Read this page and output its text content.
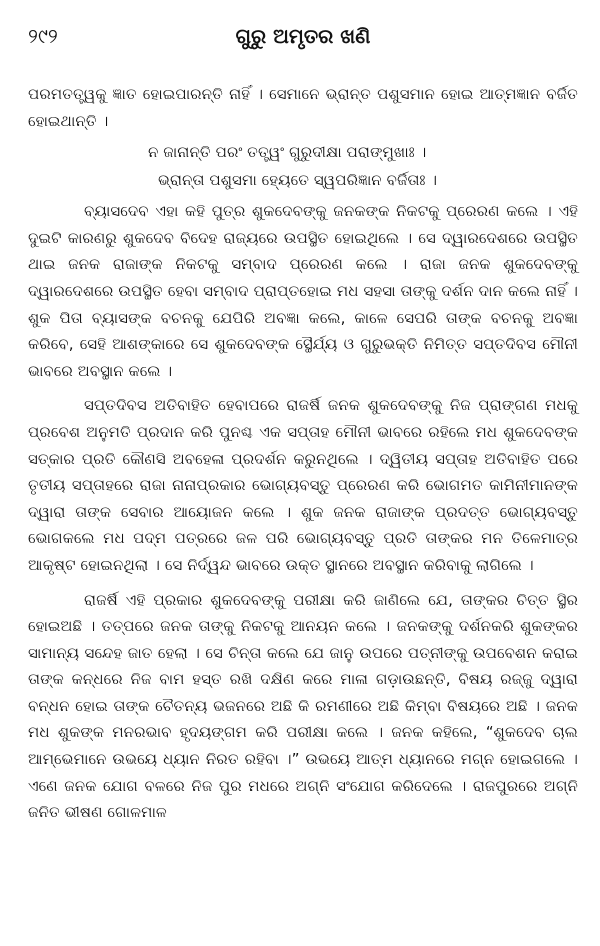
୨୯୨	ଗୁରୁ ଅମୃତର ଖଣି

ପରମତତ୍ତ୍ୱକୁ ଜ୍ଞାତ ହୋଇପାରନ୍ତି ନାହିଁ । ସେମାନେ ଭ୍ରାନ୍ତ ପଶୁସମାନ ହୋଇ ଆତ୍ମଜ୍ଞାନ ବର୍ଜିତ ହୋଇଥାନ୍ତି ।

ନ ଜାନାନ୍ତି ପରଂ ତତ୍ତ୍ୱଂ ଗୁରୁଦୀକ୍ଷା ପରାଙ୍ମୁଖାଃ ।
ଭ୍ରାନ୍ତା ପଶୁସମା ହ୍ୟେତେ ସ୍ୱପରିଜ୍ଞାନ ବର୍ଜିତାଃ ।

ବ୍ୟାସଦେବ ଏହା କହି ପୁତ୍ର ଶୁକଦେବଙ୍କୁ ଜନକଙ୍କ ନିକଟକୁ ପ୍ରେରଣ କଲେ । ଏହି ଦୁଇଟି କାରଣରୁ ଶୁକଦେବ ବିଦେହ ରାଜ୍ୟରେ ଉପସ୍ଥିତ ହୋଇଥିଲେ । ସେ ଦ୍ୱାରଦେଶରେ ଉପସ୍ଥିତ ଥାଇ ଜନକ ରାଜାଙ୍କ ନିକଟକୁ ସମ୍ବାଦ ପ୍ରେରଣ କଲେ । ରାଜା ଜନକ ଶୁକଦେବଙ୍କୁ ଦ୍ୱାରଦେଶରେ ଉପସ୍ଥିତ ହେବା ସମ୍ବାଦ ପ୍ରାପ୍ତହୋଇ ମଧ ସହସା ତାଙ୍କୁ ଦର୍ଶନ ଦାନ କଲେ ନାହିଁ । ଶୁକ ପିତା ବ୍ୟାସଙ୍କ ବଚନକୁ ଯେପିରି ଅବଜ୍ଞା କଲେ, କାଳେ ସେପରି ତାଙ୍କ ବଚନକୁ ଅବଜ୍ଞା କରିବେ, ସେହି ଆଶଙ୍କାରେ ସେ ଶୁକଦେବଙ୍କ ସ୍ଥୈର୍ଯ୍ୟ ଓ ଗୁରୁଭକ୍ତି ନିମିତ୍ତ ସପ୍ତଦିବସ ମୌନୀ ଭାବରେ ଅବସ୍ଥାନ କଲେ ।

ସପ୍ତଦିବସ ଅତିବାହିତ ହେବାପରେ ରାଜର୍ଷି ଜନକ ଶୁକଦେବଙ୍କୁ ନିଜ ପ୍ରାଙ୍ଗଣ ମଧକୁ ପ୍ରବେଶ ଅନୁମତି ପ୍ରଦାନ କରି ପୁନଶ୍ଚ ଏକ ସପ୍ତାହ ମୌନୀ ଭାବରେ ରହିଲେ ମଧ ଶୁକଦେବଙ୍କ ସତ୍କାର ପ୍ରତି କୌଣସି ଅବହେଳା ପ୍ରଦର୍ଶନ କରୁନଥିଲେ । ଦ୍ୱିତୀୟ ସପ୍ତାହ ଅତିବାହିତ ପରେ ତୃତୀୟ ସପ୍ତାହରେ ରାଜା ନାନାପ୍ରକାର ଭୋଗ୍ୟବସ୍ତୁ ପ୍ରେରଣ କରି ଭୋଗମତ କାମିନୀମାନଙ୍କ ଦ୍ୱାରା ତାଙ୍କ ସେବାର ଆୟୋଜନ କଲେ । ଶୁକ ଜନକ ରାଜାଙ୍କ ପ୍ରଦତ୍ତ ଭୋଗ୍ୟବସ୍ତୁ ଭୋଗକଲେ ମଧ ପଦ୍ମ ପତ୍ରରେ ଜଳ ପରି ଭୋଗ୍ୟବସ୍ତୁ ପ୍ରତି ତାଙ୍କର ମନ ତିଳେମାତ୍ର ଆକୃଷ୍ଟ ହୋଇନଥିଲା । ସେ ନିର୍ଦ୍ୱନ୍ଦ ଭାବରେ ଉକ୍ତ ସ୍ଥାନରେ ଅବସ୍ଥାନ କରିବାକୁ ଲାଗିଲେ ।

ରାଜର୍ଷି ଏହି ପ୍ରକାର ଶୁକଦେବଙ୍କୁ ପରୀକ୍ଷା କରି ଜାଣିଲେ ଯେ, ତାଙ୍କର ଚିତ୍ତ ସ୍ଥିର ହୋଇଅଛି । ତତ୍ପରେ ଜନକ ତାଙ୍କୁ ନିକଟକୁ ଆନୟନ କଲେ । ଜନକଙ୍କୁ ଦର୍ଶନକରି ଶୁକଙ୍କର ସାମାନ୍ୟ ସନ୍ଦେହ ଜାତ ହେଲା । ସେ ଚିନ୍ତା କଲେ ଯେ ଜାନୁ ଉପରେ ପତ୍ନୀଙ୍କୁ ଉପବେଶନ କରାଇ ତାଙ୍କ କନ୍ଧରେ ନିଜ ବାମ ହସ୍ତ ରଖି ଦକ୍ଷିଣ କରେ ମାଳା ଗଡ଼ାଉଛନ୍ତି, ବିଷୟ ରଜ୍ଜୁ ଦ୍ୱାରା ବନ୍ଧନ ହୋଇ ତାଙ୍କ ଚୈତନ୍ୟ ଭଜନରେ ଅଛି କି ରମଣୀରେ ଅଛି କିମ୍ବା ବିଷୟରେ ଅଛି । ଜନକ ମଧ ଶୁକଙ୍କ ମନରଭାବ ହୃଦୟଙ୍ଗମ କରି ପରୀକ୍ଷା କଲେ । ଜନକ କହିଲେ, “ଶୁକଦେବ ଚାଲ ଆମ୍ଭେମାନେ ଉଭୟେ ଧ୍ୟାନ ନିରତ ରହିବା ।” ଉଭୟେ ଆତ୍ମ ଧ୍ୟାନରେ ମଗ୍ନ ହୋଇଗଲେ । ଏଣେ ଜନକ ଯୋଗ ବଳରେ ନିଜ ପୁର ମଧରେ ଅଗ୍ନି ସଂଯୋଗ କରିଦେଲେ । ରାଜପୁରରେ ଅଗ୍ନି ଜନିତ ଭୀଷଣ ଗୋଳମାଳ
